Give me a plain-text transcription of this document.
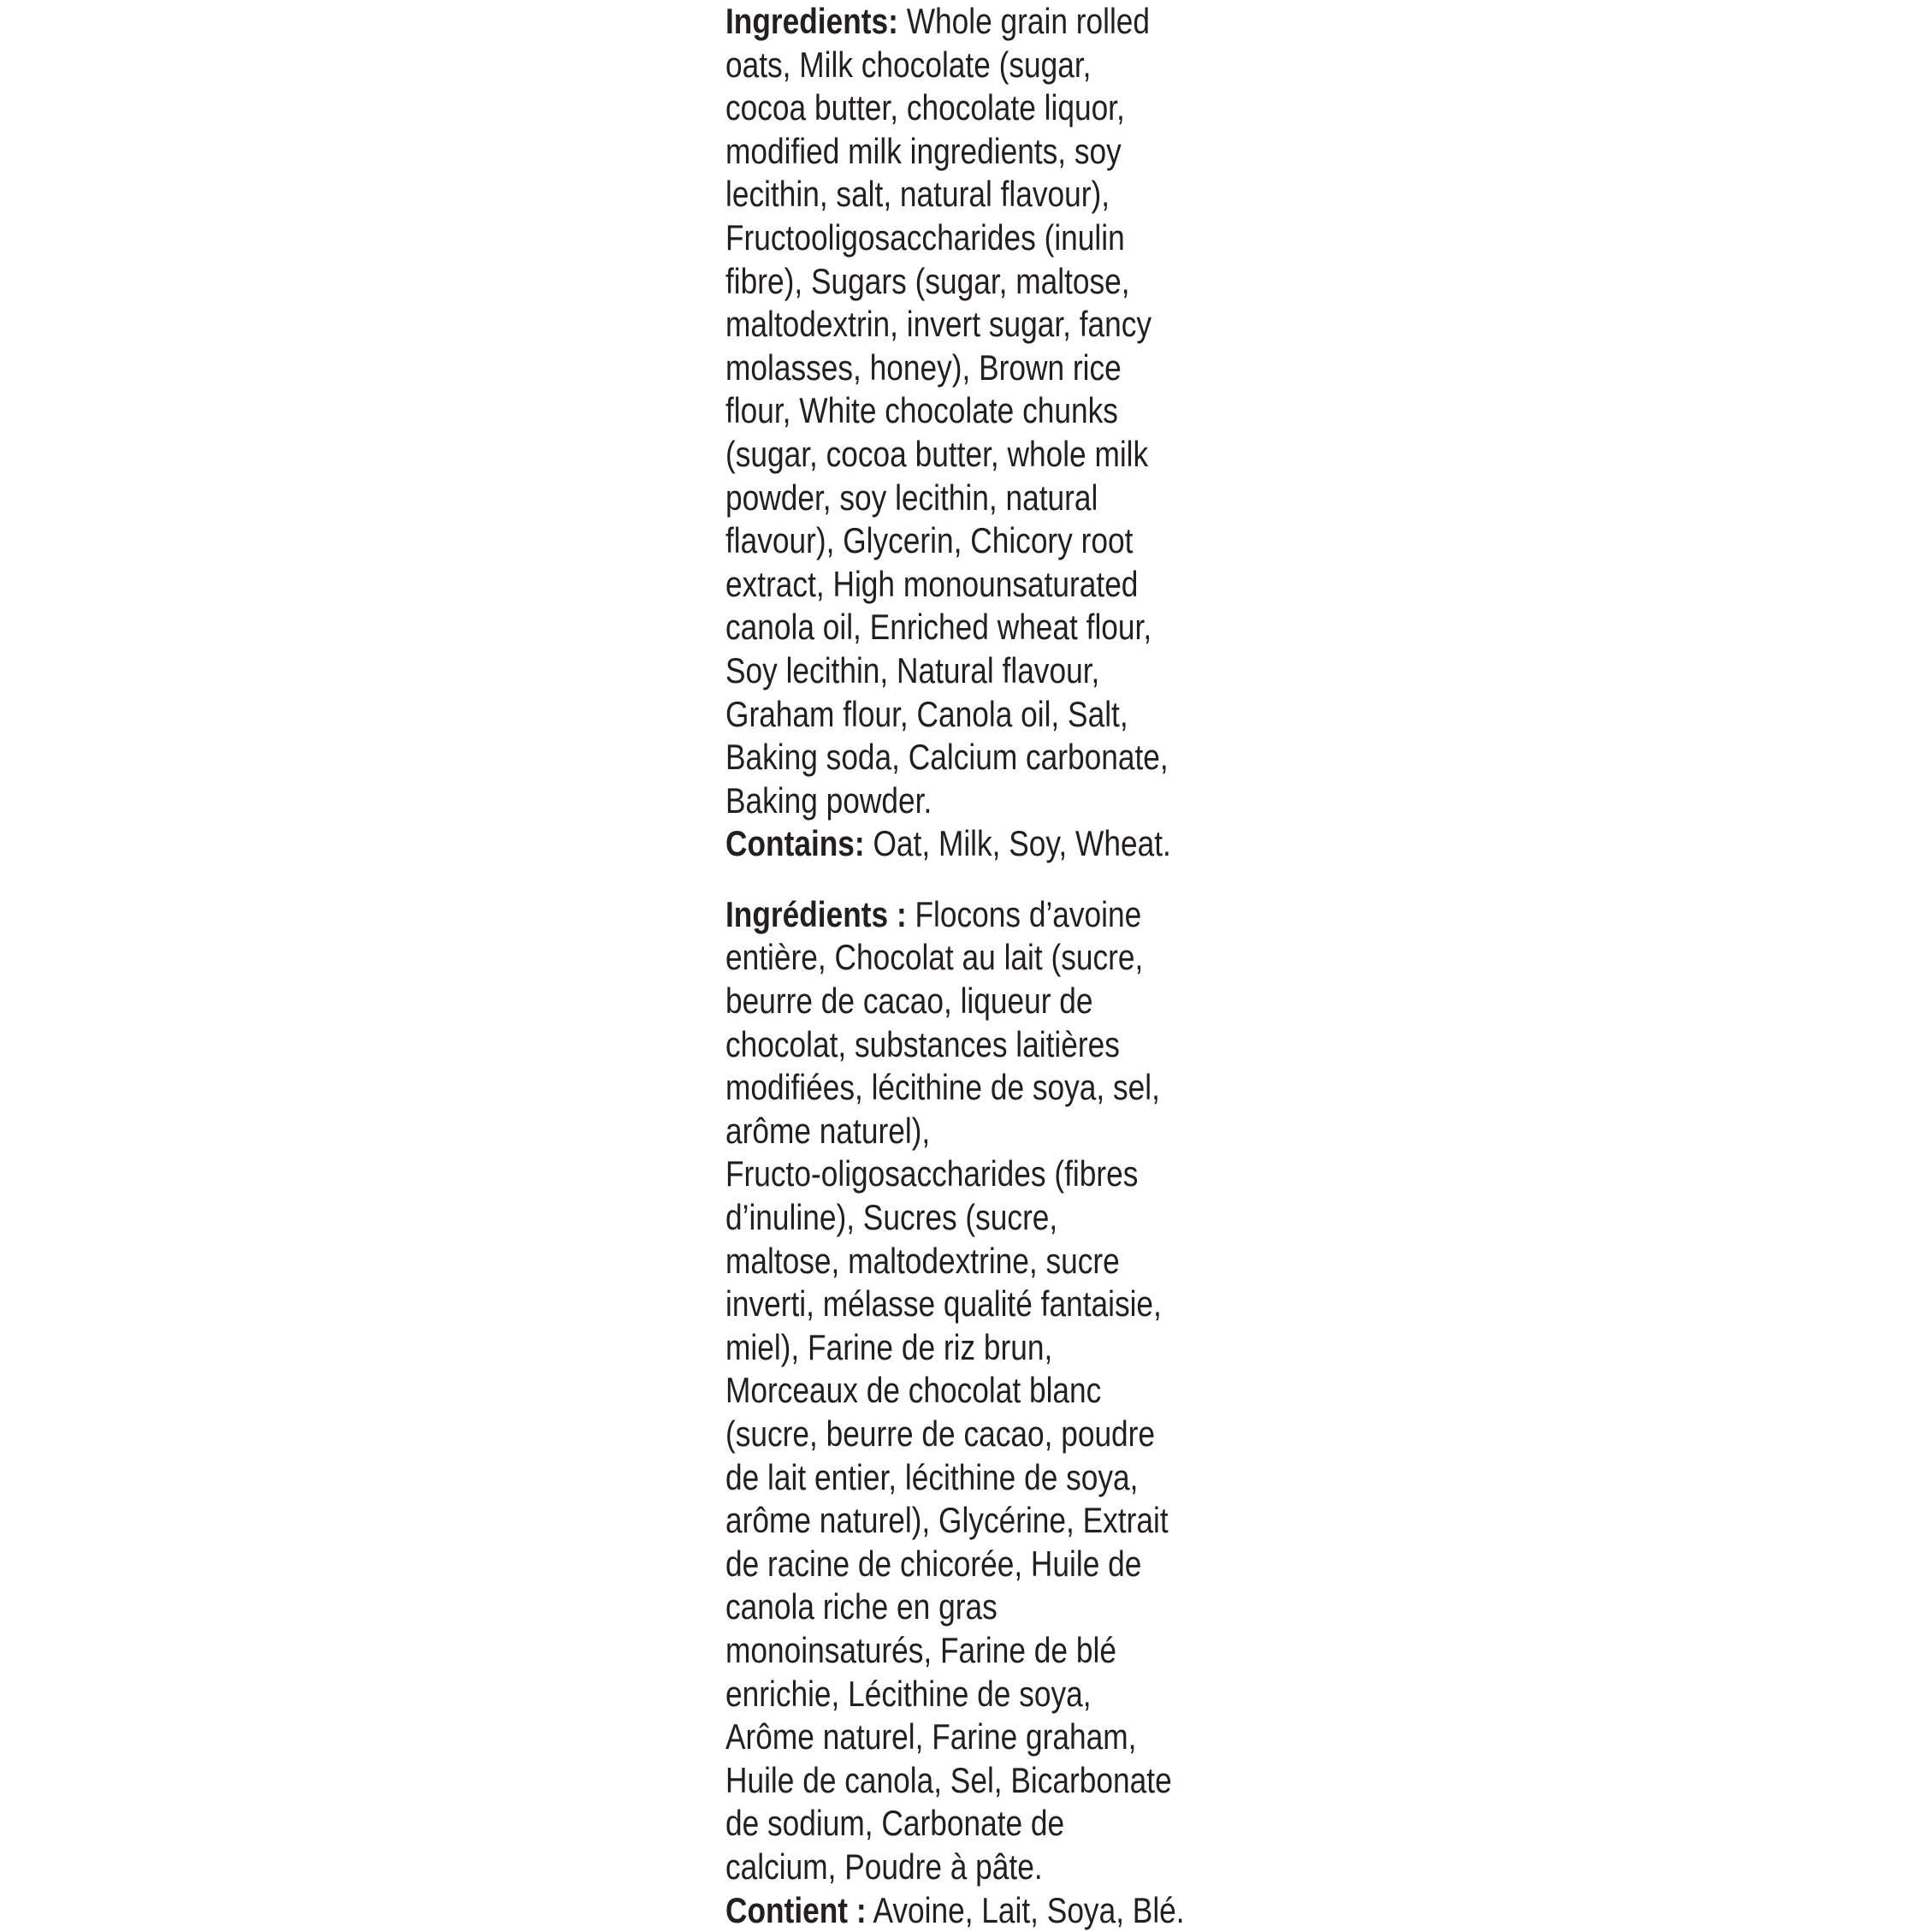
Ingredients: Whole grain rolled
oats, Milk chocolate (sugar,
cocoa butter, chocolate liquor,
modified milk ingredients, soy
lecithin, salt, natural flavour),
Fructooligosaccharides (inulin
fibre), Sugars (sugar, maltose,
maltodextrin, invert sugar, fancy
molasses, honey), Brown rice
flour, White chocolate chunks
(sugar, cocoa butter, whole milk
powder, soy lecithin, natural
flavour), Glycerin, Chicory root
extract, High monounsaturated
canola oil, Enriched wheat flour,
Soy lecithin, Natural flavour,
Graham flour, Canola oil, Salt,
Baking soda, Calcium carbonate,
Baking powder.
Contains: Oat, Milk, Soy, Wheat.
Ingrédients : Flocons d’avoine
entière, Chocolat au lait (sucre,
beurre de cacao, liqueur de
chocolat, substances laitières
modifiées, lécithine de soya, sel,
arôme naturel),
Fructo-oligosaccharides (fibres
d’inuline), Sucres (sucre,
maltose, maltodextrine, sucre
inverti, mélasse qualité fantaisie,
miel), Farine de riz brun,
Morceaux de chocolat blanc
(sucre, beurre de cacao, poudre
de lait entier, lécithine de soya,
arôme naturel), Glycérine, Extrait
de racine de chicorée, Huile de
canola riche en gras
monoinsaturés, Farine de blé
enrichie, Lécithine de soya,
Arôme naturel, Farine graham,
Huile de canola, Sel, Bicarbonate
de sodium, Carbonate de
calcium, Poudre à pâte.
Contient : Avoine, Lait, Soya, Blé.
